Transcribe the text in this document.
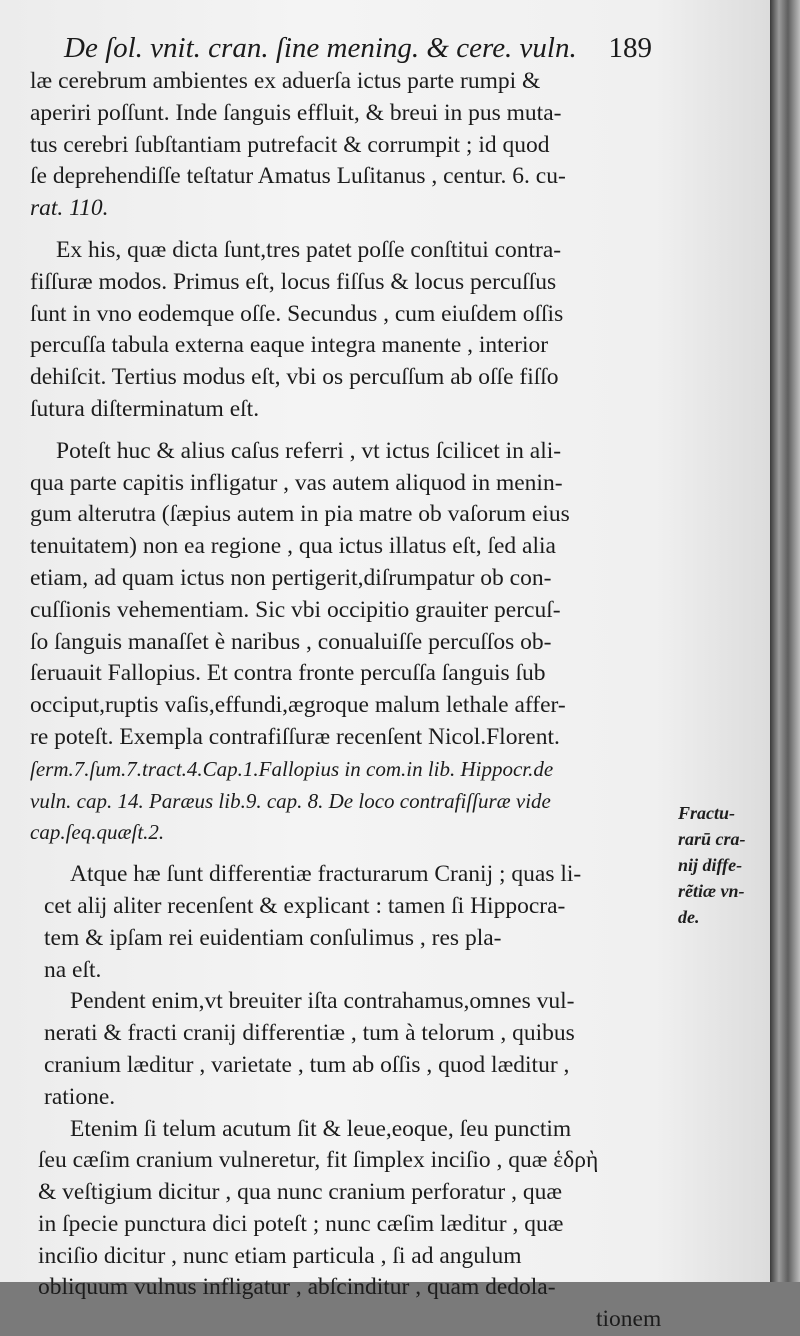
De ſol. vnit. cran. ſine mening. & cere. vuln. 189
læ cerebrum ambientes ex aduerſa ictus parte rumpi &
aperiri poſſunt. Inde ſanguis effluit, & breui in pus muta-
tus cerebri ſubſtantiam putrefacit & corrumpit ; id quod
ſe deprehendiſſe teſtatur Amatus Luſitanus , centur. 6. cu-
rat. 110.
Ex his, quæ dicta ſunt,tres patet poſſe conſtitui contra-
fiſſuræ modos. Primus eſt, locus fiſſus & locus percuſſus
ſunt in vno eodemque oſſe. Secundus , cum eiuſdem oſſis
percuſſa tabula externa eaque integra manente , interior
dehiſcit. Tertius modus eſt, vbi os percuſſum ab oſſe fiſſo
ſutura diſterminatum eſt.
Poteſt huc & alius caſus referri , vt ictus ſcilicet in ali-
qua parte capitis infligatur , vas autem aliquod in menin-
gum alterutra (ſæpius autem in pia matre ob vaſorum eius
tenuitatem) non ea regione , qua ictus illatus eſt, ſed alia
etiam, ad quam ictus non pertigerit,diſrumpatur ob con-
cuſſionis vehementiam. Sic vbi occipitio grauiter percuſ-
ſo ſanguis manaſſet è naribus , conualuiſſe percuſſos ob-
ſeruauit Fallopius. Et contra fronte percuſſa ſanguis ſub
occiput,ruptis vaſis,effundi,ægroque malum lethale affer-
re poteſt. Exempla contrafiſſuræ recenſent Nicol.Florent.
ſerm.7.ſum.7.tract.4.Cap.1.Fallopius in com.in lib. Hippocr.de
vuln. cap. 14. Paræus lib.9. cap. 8. De loco contrafiſſuræ vide
cap.ſeq.quæſt.2.
Atque hæ ſunt differentiæ fracturarum Cranij ; quas li-
cet alij aliter recenſent & explicant : tamen ſi Hippocra-
tem & ipſam rei euidentiam conſulimus , res pla-
na eſt.
Pendent enim,vt breuiter iſta contrahamus,omnes vul-
nerati & fracti cranij differentiæ , tum à telorum , quibus
cranium læditur , varietate , tum ab oſſis , quod læditur ,
ratione.
Etenim ſi telum acutum ſit & leue,eoque, ſeu punctim
ſeu cæſim cranium vulneretur, fit ſimplex inciſio , quæ ἑδρὴ
& veſtigium dicitur , qua nunc cranium perforatur , quæ
in ſpecie punctura dici poteſt ; nunc cæſim læditur , quæ
inciſio dicitur , nunc etiam particula , ſi ad angulum
obliquum vulnus infligatur , abſcinditur , quam dedola-
tionem
Fractu-
rarū cra-
nij diffe-
rẽtiæ vn-
de.
